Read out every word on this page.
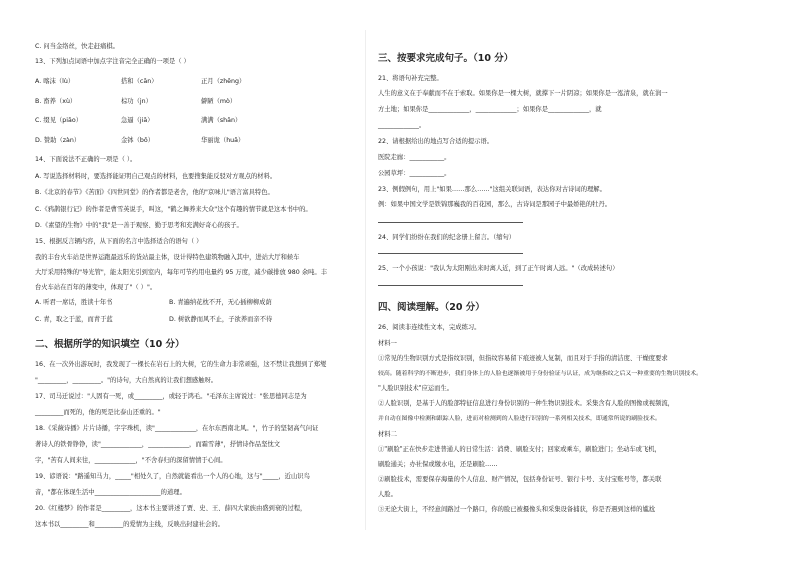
C. 问当金络丝，快走赶痛棋。
13、下列加点词语中加点字注音完全正确的一项是（ ）
A. 喀沫（lù）	搭和（cān）	正月（zhēng）
B. 畜养（xù）	棕功（jn）	僻陋（mò）
C. 缀见（piāo）	急逼（jiā）	满满（shān）
D. 赞助（zàn）	金钵（bō）	华丽诡（huā）
14、下面说法不正确的一项是（ ）。
A. 写说选择材料时，要选择能证明自己观点的材料，也要搜集能反驳对方观点的材料。
B.《北京的春节》《苦面》《四世同堂》的作者都是老舍，他的"京味儿"语言富具特色。
C.《鸦鹊银行记》的作者是曹雪英说手，叫这，"鹤之舞养来大众"这个有趣的情节就是这本书中的。
D.《素望的生物》中的"我"是一善于观察、勤于思考和充满好奇心的孩子。
15、根据反言辆内容，从下面的名言中选择适合的语句（ ）
我的丰台火车站是世界运跑最远乐的货站最主体，设计得特色建筑物融入其中，进站大厅和候车
大厅采用特殊的"导光管"，能太阳光引到室内，每年可节约用电量约 95 万度，减少碳排放 980 余吨。丰
台火车站在百年的薄变中，体现了"（ ）"。
A. 听君一席话，胜读十年书	B. 青遍纳花枕不开，无心插柳柳成荫
C. 青，取之于蓝，而青于蓝	D. 树欲静而风不止，子欲养而亲不待
二、根据所学的知识填空（10 分）
16、在一次外出游玩时，我发现了一棵长在岩石上的大树，它的生命力非常顽强，这不禁让我想到了郑燮
"_________，_________。"的诗句，大自然真的让我们想感触呀。
17、司马迁说过："人固有一死，或_________，或轻于鸿毛。"毛泽东主席说过："张思德同志是为
_________而死的，他的死是比泰山还重的。"
18.《采薇诗播》片片诗播，字字珠机，读"_____________，在尔东西南北风。"，竹子的坚韧高气问证
著诗人的铁骨铮铮，读"_____________，_____________，而霜雪薄"，抒情诗作品坚忱文
字，"苦有人间来往，_____________，"不舍春归的深留情情于心间。
19、谚语说："路遥知马力，_____"相处久了，自然就能看出一个人的心地，这与"_____，近山识鸟
音，"都在体现生活中_____________________的道理。
20.《红楼梦》的作者是_________，这本书主要讲述了贾、史、王、薛四大家族由盛到衰的过程，
这本书以_________和_________的爱情为主线，反映出封建社会的。
三、按要求完成句子。（10 分）
21、将语句补充完整。
人生的意义在于奉献而不在于索取。如果你是一棵大树，就撑下一片阴凉；如果你是一泓清泉，就在润一
方土地；如果你是_____________，_____________；如果你是_____________，就
_____________。
22、请根据给出的地点写合适的提示语。
医院走廊：___________。
公园草坪：___________。
23、例假例句，用上"如果……那么……"这组关联词语，表达你对古诗词的理解。
例：如果中国文学是铁锦那巍我的百花园，那么，古诗词是那园子中最娇艳的牡丹。
24、同学们纷纷在我们的纪念册上留言。（缩句）
25、一个小孩说："我认为太阳刚出来时离人近，到了正午时离人远。"（改成转述句）
四、阅读理解。（20 分）
26、阅读非连续性文本，完成练习。
材料一
①常见的生物识别方式是指纹识别，但指纹容易留下痕迹被人复制，而且对于手指的清洁度、干燥度要求
较高。随着科学的不断进步，我们身体上的人脸也逐渐被用于身份验证与认证，成为继指纹之后又一种重要的生物识别技术。
"人脸识别技术"应运而生。
②人脸识别，是基于人的脸部特征信息进行身份识别的一种生物识别技术。采集含有人脸的图像或视频流，
并自动在图像中检测和跟踪人脸，进而对检测到的人脸进行识别的一系列相关技术，即通常所说的刷脸技术。
材料二
①"刷脸"正在快步走进普通人的日常生活：消费、刷脸支付；回家或乘车，刷脸进门；坐动车或飞机，
刷脸通关；办社保或缴水电，还是刷脸……
②刷脸技术，需要保存海量的个人信息、财产情况，包括身份证号、银行卡号、支付宝账号等，都关联
人脸。
③无论大街上，不经意间路过一个路口，你的脸已被摄像头和采集设备捕获，你是否遇到这样的尴尬
